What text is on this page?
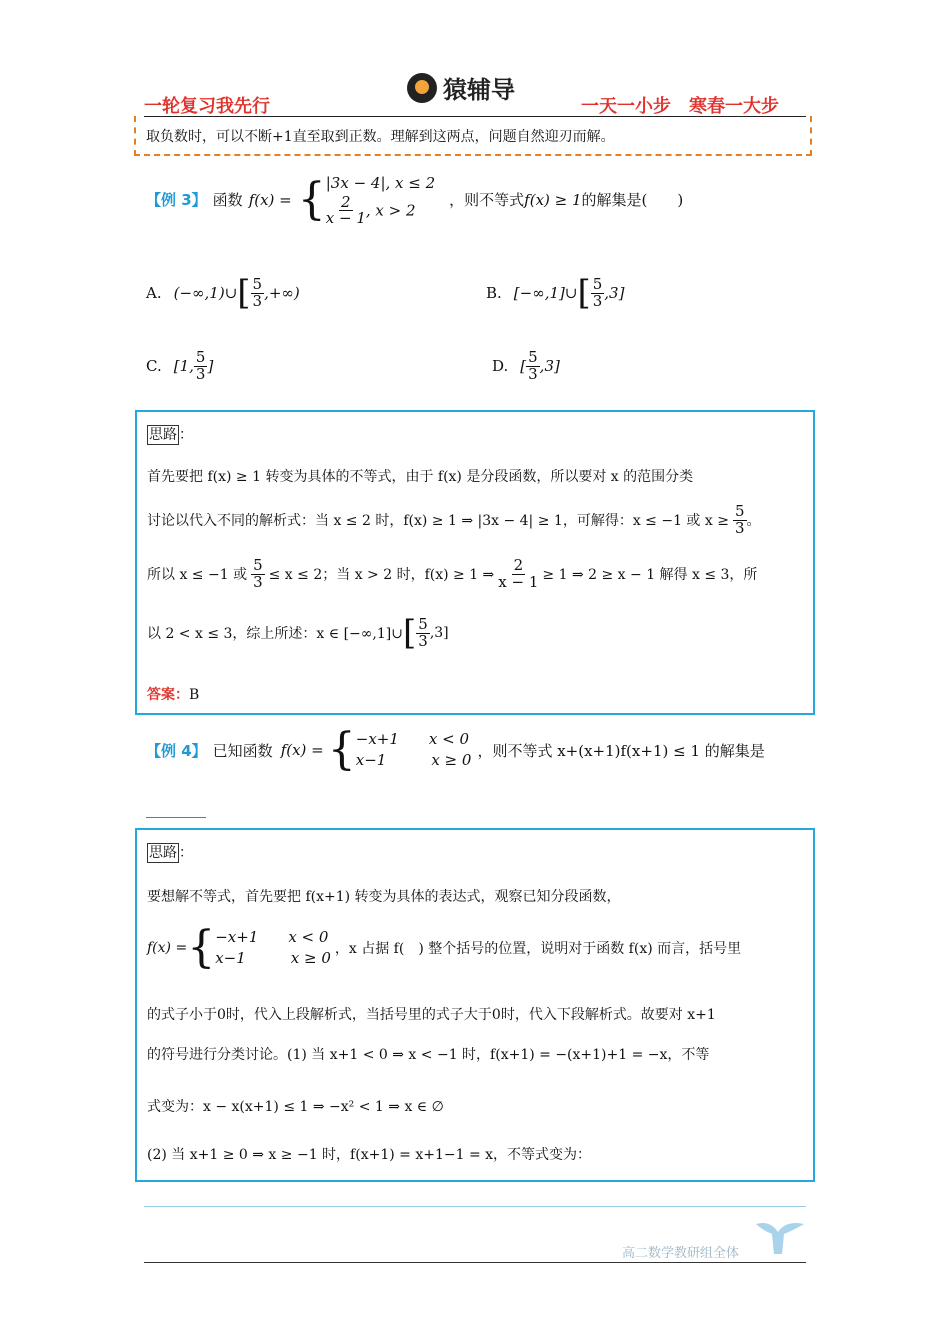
一轮复习我先行
猿辅导
一天一小步　寒春一大步
取负数时，可以不断+1直至取到正数。理解到这两点，问题自然迎刃而解。
【例 3】 函数 f(x) = { |3x − 4|, x ≤ 2
$\frac{2}{x - 1}$ , x > 2
，则不等式 f(x) ≥ 1 的解集是(　　)
A. (−∞,1)∪ [ $\frac{5}{3}$ ,+∞)	B. [−∞,1]∪ [ $\frac{5}{3} ,3$]
C. [1, $\frac{5}{3}$ ]	D. [ $\frac{5}{3} ,3$]
思路 ：
首先要把 f(x) ≥ 1 转变为具体的不等式，由于 f(x) 是分段函数，所以要对 x 的范围分类
讨论以代入不同的解析式：当 x ≤ 2 时，f(x) ≥ 1 ⇒ |3x − 4| ≥ 1，可解得：x ≤ −1 或 $x \ge \frac{5}{3}$ 。
所以 x ≤ −1 或 $\frac{5}{3} \le x \le 2$；当 x > 2 时，f(x) ≥ 1 ⇒ $\frac{2}{x - 1} \ge 1$ ⇒ 2 ≥ x − 1 解得 x ≤ 3，所
以 2 < x ≤ 3，综上所述：x ∈ [−∞,1]∪ [ $\frac{5}{3} ,3$]
答案：B
【例 4】 已知函数 f(x) = { −x+1　　x < 0
x−1　　　x ≥ 0
，则不等式 x+(x+1)f(x+1) ≤ 1 的解集是
________
思路 ：
要想解不等式，首先要把 f(x+1) 转变为具体的表达式，观察已知分段函数，
f(x) = { −x+1　　x < 0
x−1　　　x ≥ 0 ，x 占据 f(　) 整个括号的位置，说明对于函数 f(x) 而言，括号里
的式子小于0时，代入上段解析式，当括号里的式子大于0时，代入下段解析式。故要对 x+1
的符号进行分类讨论。(1) 当 x+1 < 0 ⇒ x < −1 时，f(x+1) = −(x+1)+1 = −x，不等
式变为：x − x(x+1) ≤ 1 ⇒ −x² < 1 ⇒ x ∈ ∅
(2) 当 x+1 ≥ 0 ⇒ x ≥ −1 时，f(x+1) = x+1−1 = x，不等式变为：
高二数学教研组全体
